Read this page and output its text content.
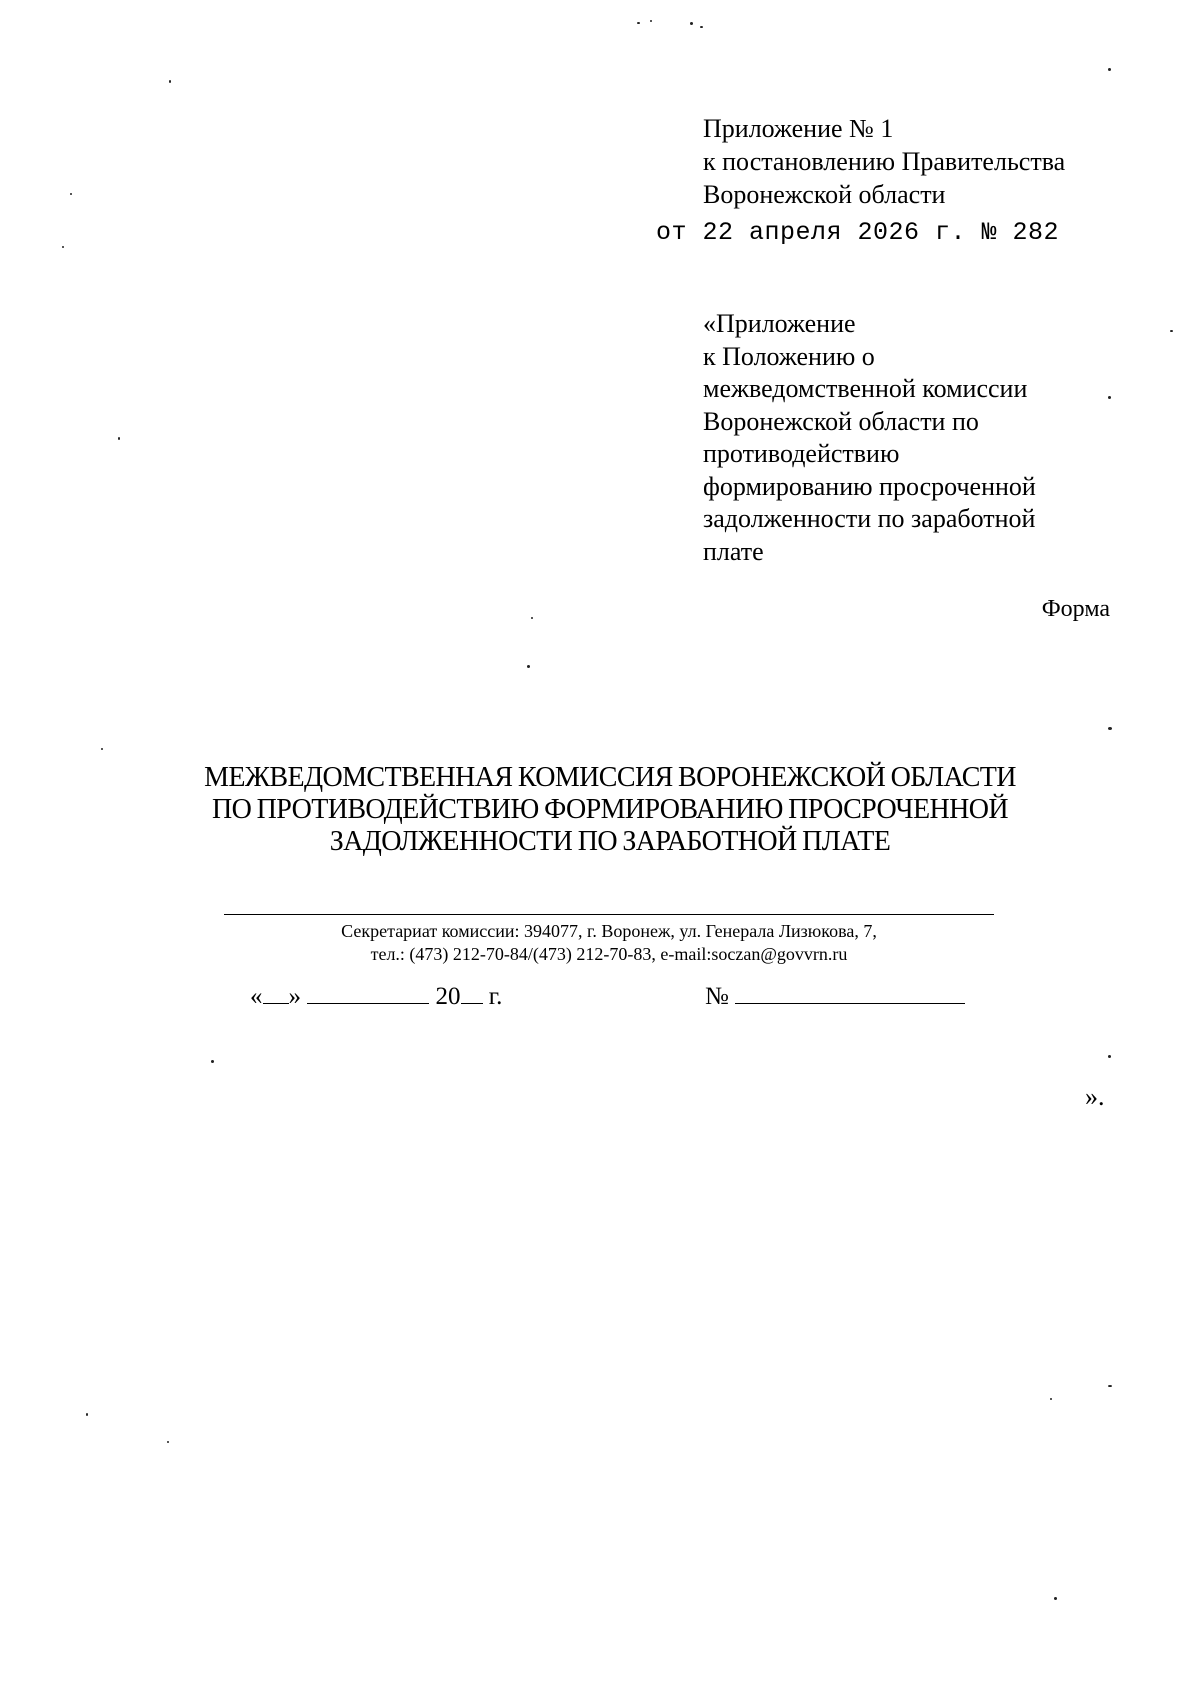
Приложение № 1
к постановлению Правительства
Воронежской области
от 22 апреля 2026 г. № 282
«Приложение
к Положению о
межведомственной комиссии
Воронежской области по
противодействию
формированию просроченной
задолженности по заработной
плате
Форма
МЕЖВЕДОМСТВЕННАЯ КОМИССИЯ ВОРОНЕЖСКОЙ ОБЛАСТИ
ПО ПРОТИВОДЕЙСТВИЮ ФОРМИРОВАНИЮ ПРОСРОЧЕННОЙ
ЗАДОЛЖЕННОСТИ ПО ЗАРАБОТНОЙ ПЛАТЕ
Секретариат комиссии: 394077, г. Воронеж, ул. Генерала Лизюкова, 7,
тел.: (473) 212-70-84/(473) 212-70-83, e-mail:soczan@govvrn.ru
« »	20 г.	№
».
